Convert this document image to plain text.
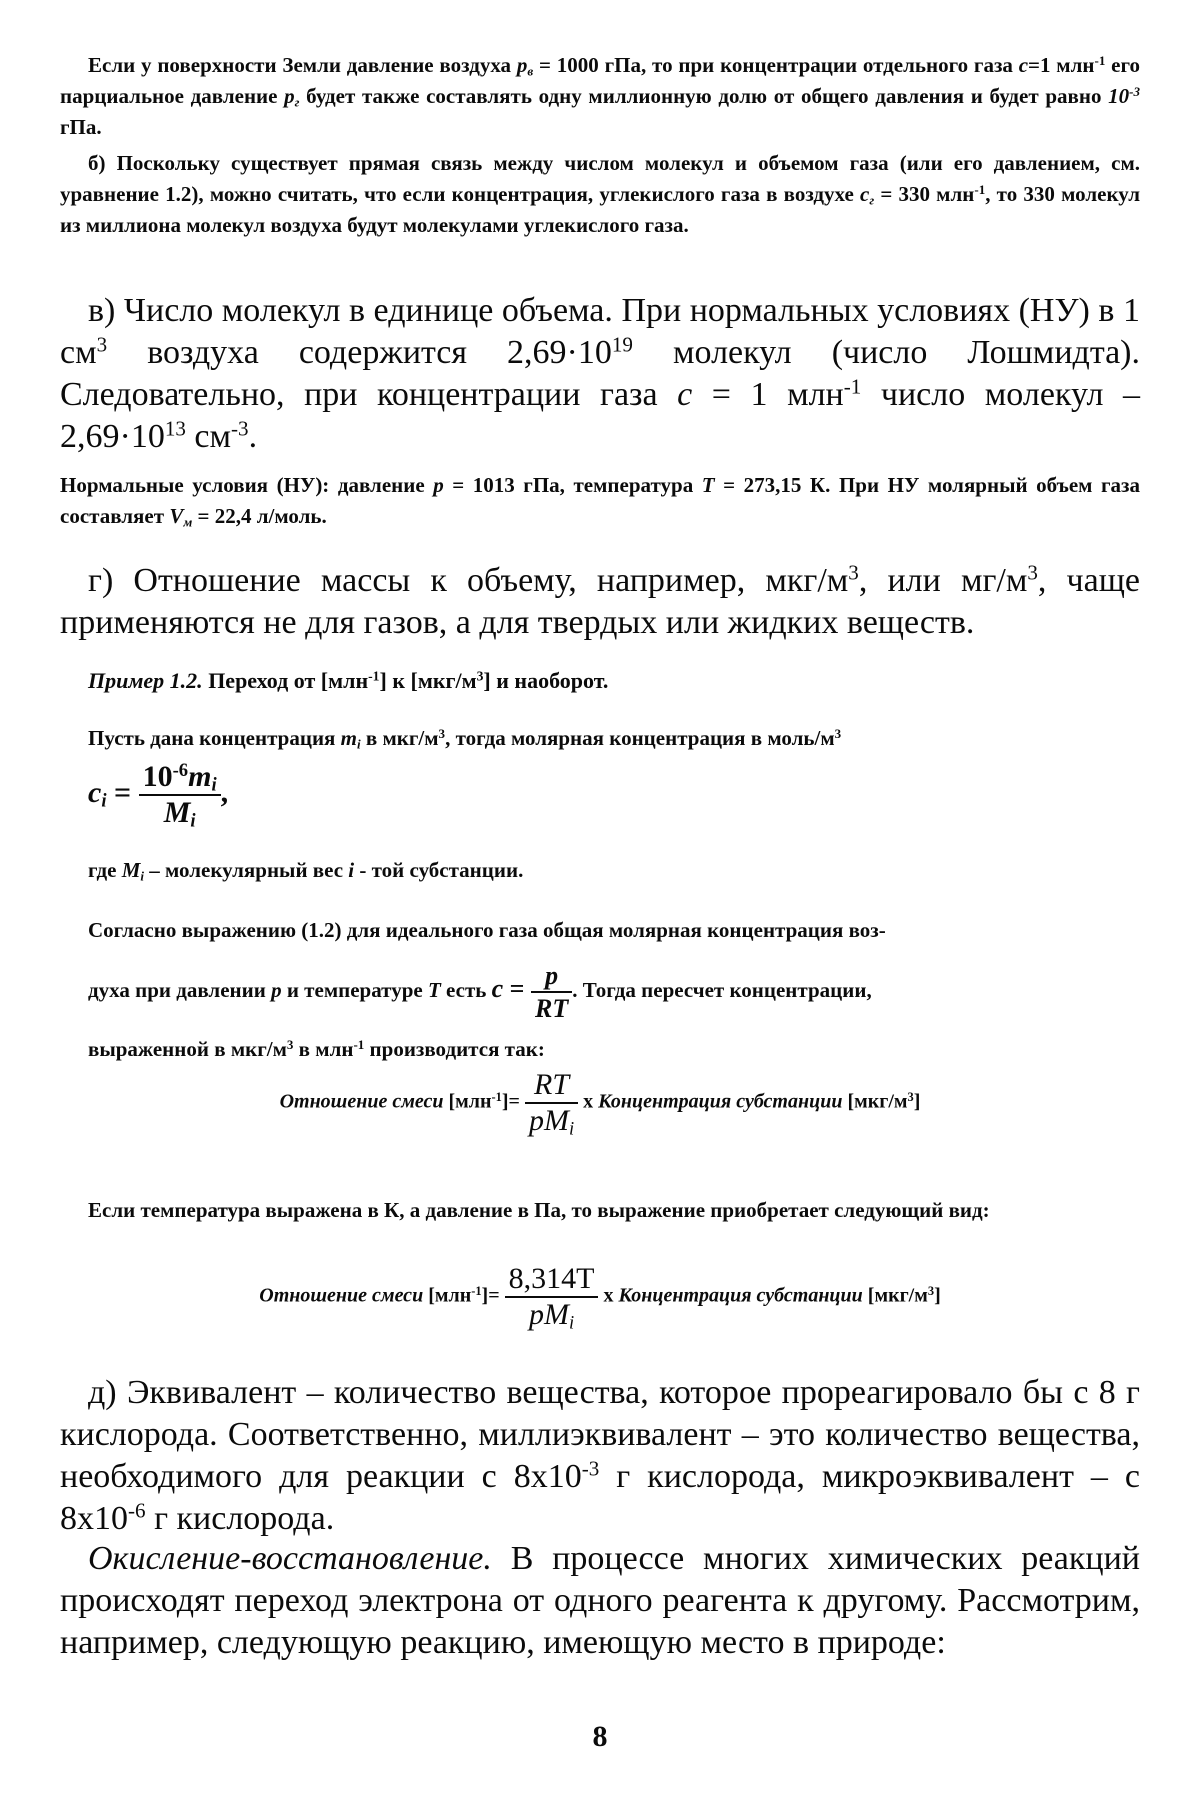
Если у поверхности Земли давление воздуха $p_в = 1000$ гПа, то при концентрации отдельного газа c=1 млн$^{-1}$ его парциальное давление $p_г$ будет также составлять одну миллионную долю от общего давления и будет равно $10^{-3}$ гПа.
б) Поскольку существует прямая связь между числом молекул и объемом газа (или его давлением, см. уравнение 1.2), можно считать, что если концентрация, углекислого газа в воздухе $c_г = 330$ млн$^{-1}$, то 330 молекул из миллиона молекул воздуха будут молекулами углекислого газа.
в) Число молекул в единице объема. При нормальных условиях (НУ) в 1 $см^3$ воздуха содержится $2,69\cdot 10^{19}$ молекул (число Лошмидта). Следовательно, при концентрации газа c = 1 млн$^{-1}$ число молекул – $2,69\cdot 10^{13}$ $см^{-3}$.
Нормальные условия (НУ): давление p = 1013 гПа, температура T = 273,15 К. При НУ молярный объем газа составляет $V_м = 22,4$ л/моль.
г) Отношение массы к объему, например, мкг/$м^3$, или $мг/м^3$, чаще применяются не для газов, а для твердых или жидких веществ.
Пример 1.2. Переход от [млн$^{-1}$] к $[мкг/м^3]$ и наоборот.
Пусть дана концентрация $m_i$ в мкг/$м^3$, тогда молярная концентрация в моль/$м^3$
$c_i = \frac{10^{-6}m_i}{M_i}$ ,
где $M_i$ – молекулярный вес i - той субстанции.
Согласно выражению (1.2) для идеального газа общая молярная концентрация воз-
духа при давлении p и температуре T есть $c = \frac{p}{RT}$ . Тогда пересчет концентрации,
выраженной в мкг/$м^3$ в млн$^{-1}$ производится так:
Отношение смеси $[млн^{-1}]= \frac{RT}{pM_i}$ x Концентрация субстанции $[мкг/м^3]$
Если температура выражена в К, а давление в Па, то выражение приобретает следующий вид:
Отношение смеси $[млн^{-1}]= \frac{8,314T}{pM_i}$ x Концентрация субстанции $[мкг/м^3]$
д) Эквивалент – количество вещества, которое прореагировало бы с 8 г кислорода. Соответственно, миллиэквивалент – это количество вещества, необходимого для реакции с $8х10^{-3}$ г кислорода, микроэквивалент – с $8х10^{-6}$ г кислорода.
Окисление-восстановление. В процессе многих химических реакций происходят переход электрона от одного реагента к другому. Рассмотрим, например, следующую реакцию, имеющую место в природе:
8
